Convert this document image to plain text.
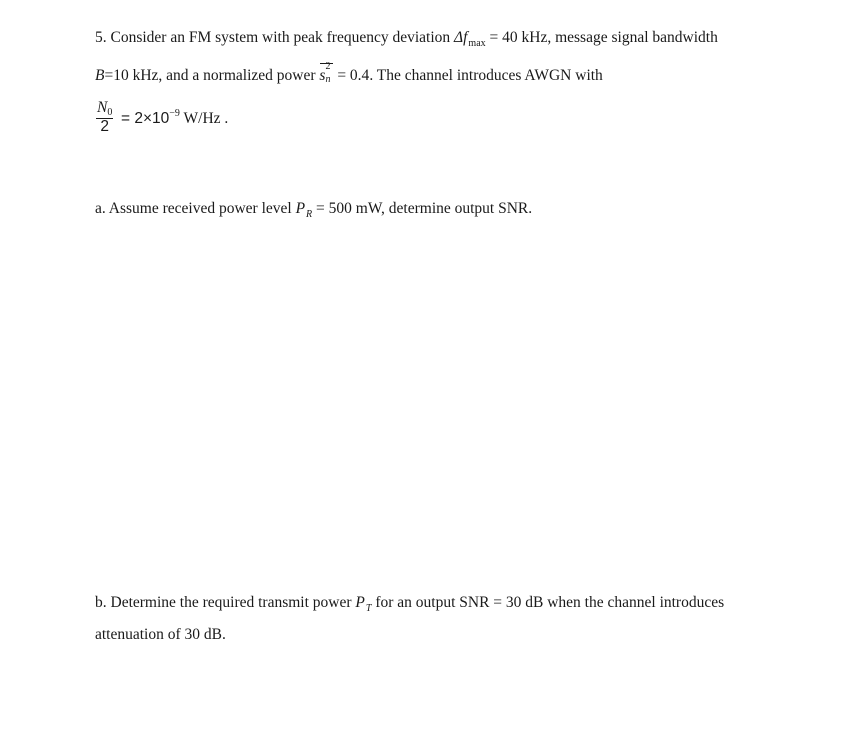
5. Consider an FM system with peak frequency deviation $\Delta f_{max} = 40$ kHz, message signal bandwidth
B=10 kHz, and a normalized power s
2
n = 0.4. The channel introduces AWGN with
$\frac{N0}{2} = 2\times 10^{-9}$ W/Hz .
a. Assume received power level $P_R = 500$ mW, determine output SNR.
b. Determine the required transmit power $P_T$ for an output SNR = 30 dB when the channel introduces
attenuation of 30 dB.
